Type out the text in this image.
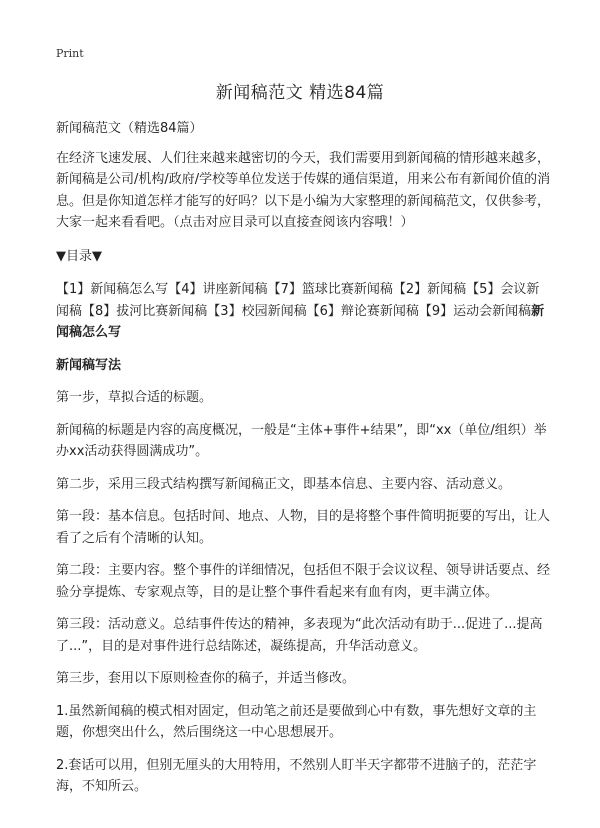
Print
新闻稿范文 精选84篇

新闻稿范文（精选84篇）

在经济飞速发展、人们往来越来越密切的今天，我们需要用到新闻稿的情形越来越多，新闻稿是公司/机构/政府/学校等单位发送于传媒的通信渠道，用来公布有新闻价值的消息。但是你知道怎样才能写的好吗？以下是小编为大家整理的新闻稿范文，仅供参考，大家一起来看看吧。（点击对应目录可以直接查阅该内容哦！）

▼目录▼

【1】新闻稿怎么写【4】讲座新闻稿【7】篮球比赛新闻稿【2】新闻稿【5】会议新闻稿【8】拔河比赛新闻稿【3】校园新闻稿【6】辩论赛新闻稿【9】运动会新闻稿新闻稿怎么写

新闻稿写法

第一步，草拟合适的标题。

新闻稿的标题是内容的高度概况，一般是“主体+事件+结果”，即“xx（单位/组织）举办xx活动获得圆满成功”。

第二步，采用三段式结构撰写新闻稿正文，即基本信息、主要内容、活动意义。

第一段：基本信息。包括时间、地点、人物，目的是将整个事件简明扼要的写出，让人看了之后有个清晰的认知。

第二段：主要内容。整个事件的详细情况，包括但不限于会议议程、领导讲话要点、经验分享提炼、专家观点等，目的是让整个事件看起来有血有肉，更丰满立体。

第三段：活动意义。总结事件传达的精神，多表现为“此次活动有助于...促进了...提高了...”，目的是对事件进行总结陈述，凝练提高，升华活动意义。

第三步，套用以下原则检查你的稿子，并适当修改。

1.虽然新闻稿的模式相对固定，但动笔之前还是要做到心中有数，事先想好文章的主题，你想突出什么，然后围绕这一中心思想展开。

2.套话可以用，但别无厘头的大用特用，不然别人盯半天字都带不进脑子的，茫茫字海，不知所云。
